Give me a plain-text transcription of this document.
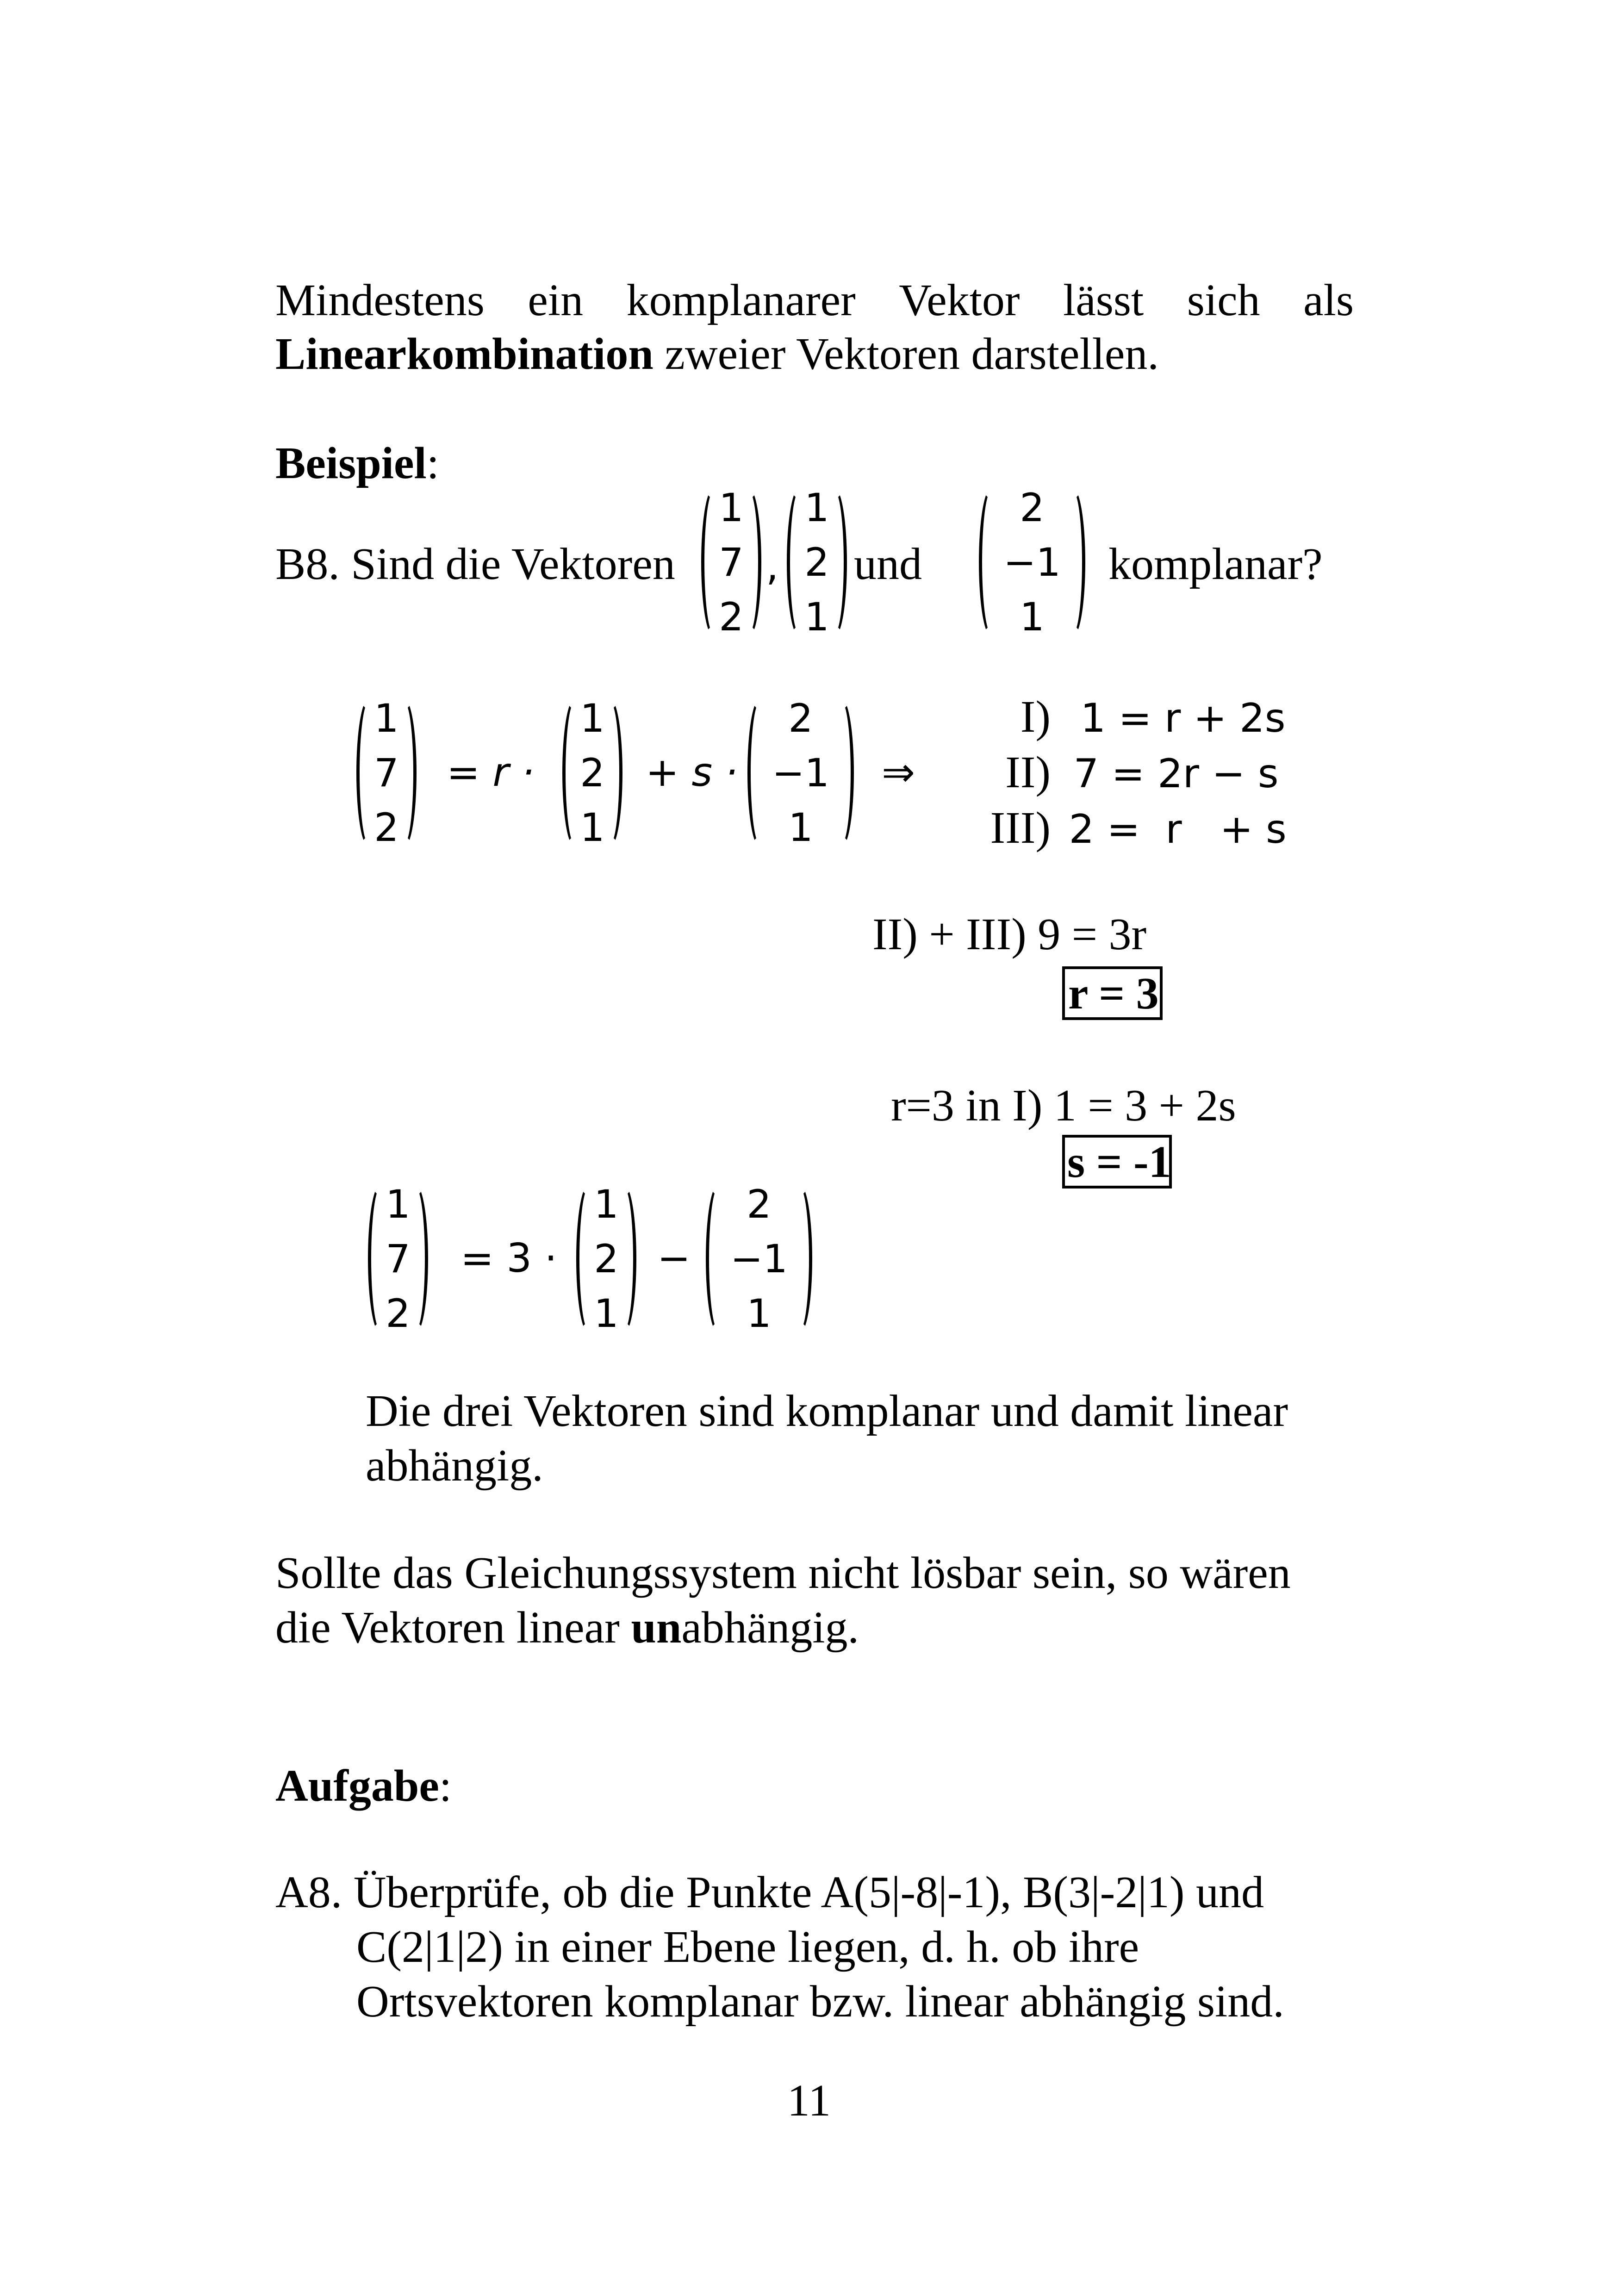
Mindestens ein komplanarer Vektor lässt sich als
Linearkombination zweier Vektoren darstellen.
Beispiel:
B8. Sind die Vektoren
1
7
2
,
1
2
1
und
2
−1
1
komplanar?
1
7
2
= r ·
1
2
1
+ s ·
2
−1
1
⇒
I) 1 = r + 2s
II) 7 = 2r − s
III) 2 =  r   + s
II) + III) 9 = 3r
r = 3
r=3 in I) 1 = 3 + 2s
s = -1
1
7
2
= 3 ·
1
2
1
−
2
−1
1
Die drei Vektoren sind komplanar und damit linear
abhängig.
Sollte das Gleichungssystem nicht lösbar sein, so wären
die Vektoren linear unabhängig.
Aufgabe:
A8. Überprüfe, ob die Punkte A(5|-8|-1), B(3|-2|1) und
C(2|1|2) in einer Ebene liegen, d. h. ob ihre
Ortsvektoren komplanar bzw. linear abhängig sind.
11
